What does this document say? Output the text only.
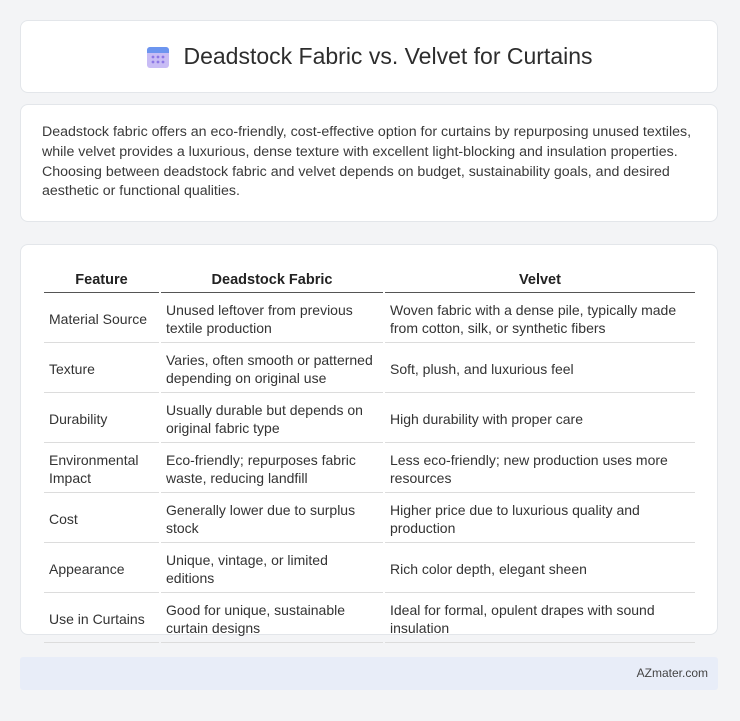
Deadstock Fabric vs. Velvet for Curtains

Deadstock fabric offers an eco-friendly, cost-effective option for curtains by repurposing unused textiles, while velvet provides a luxurious, dense texture with excellent light-blocking and insulation properties. Choosing between deadstock fabric and velvet depends on budget, sustainability goals, and desired aesthetic or functional qualities.

Feature	Deadstock Fabric	Velvet
Material Source	Unused leftover from previous textile production	Woven fabric with a dense pile, typically made from cotton, silk, or synthetic fibers
Texture	Varies, often smooth or patterned depending on original use	Soft, plush, and luxurious feel
Durability	Usually durable but depends on original fabric type	High durability with proper care
Environmental Impact	Eco-friendly; repurposes fabric waste, reducing landfill	Less eco-friendly; new production uses more resources
Cost	Generally lower due to surplus stock	Higher price due to luxurious quality and production
Appearance	Unique, vintage, or limited editions	Rich color depth, elegant sheen
Use in Curtains	Good for unique, sustainable curtain designs	Ideal for formal, opulent drapes with sound insulation
AZmater.com
